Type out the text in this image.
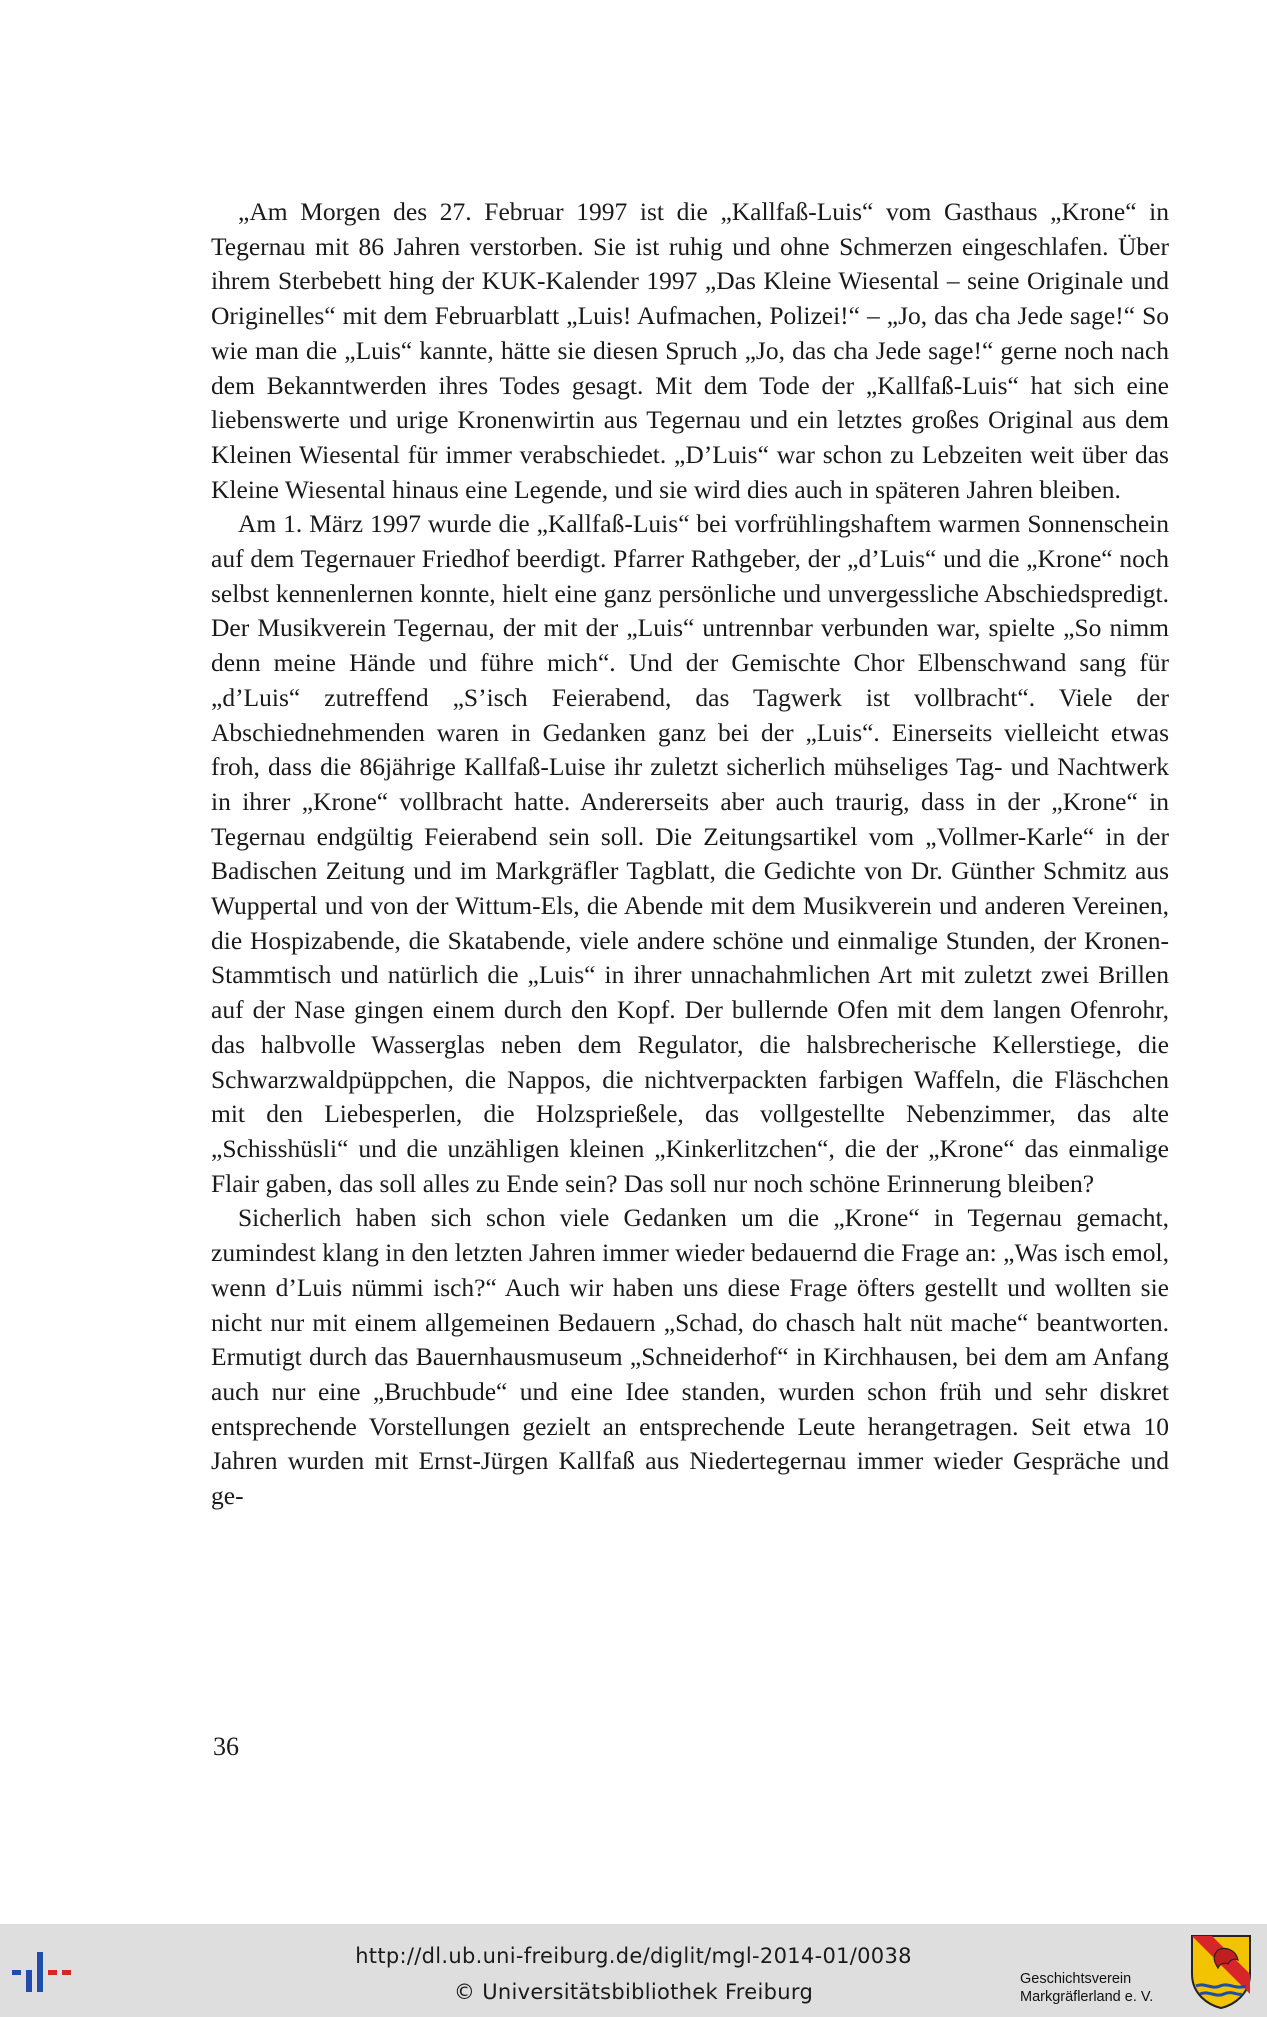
„Am Morgen des 27. Februar 1997 ist die „Kallfaß-Luis“ vom Gasthaus „Krone“ in Tegernau mit 86 Jahren verstorben. Sie ist ruhig und ohne Schmerzen eingeschlafen. Über ihrem Sterbebett hing der KUK-Kalender 1997 „Das Kleine Wiesental – seine Originale und Originelles“ mit dem Februarblatt „Luis! Aufmachen, Polizei!“ – „Jo, das cha Jede sage!“ So wie man die „Luis“ kannte, hätte sie diesen Spruch „Jo, das cha Jede sage!“ gerne noch nach dem Bekanntwerden ihres Todes gesagt. Mit dem Tode der „Kallfaß-Luis“ hat sich eine liebenswerte und urige Kronenwirtin aus Tegernau und ein letztes großes Original aus dem Kleinen Wiesental für immer verabschiedet. „D’Luis“ war schon zu Lebzeiten weit über das Kleine Wiesental hinaus eine Legende, und sie wird dies auch in späteren Jahren bleiben.

Am 1. März 1997 wurde die „Kallfaß-Luis“ bei vorfrühlingshaftem warmen Sonnenschein auf dem Tegernauer Friedhof beerdigt. Pfarrer Rathgeber, der „d’Luis“ und die „Krone“ noch selbst kennenlernen konnte, hielt eine ganz persönliche und unvergessliche Abschiedspredigt. Der Musikverein Tegernau, der mit der „Luis“ untrennbar verbunden war, spielte „So nimm denn meine Hände und führe mich“. Und der Gemischte Chor Elbenschwand sang für „d’Luis“ zutreffend „S’isch Feierabend, das Tagwerk ist vollbracht“. Viele der Abschiednehmenden waren in Gedanken ganz bei der „Luis“. Einerseits vielleicht etwas froh, dass die 86jährige Kallfaß-Luise ihr zuletzt sicherlich mühseliges Tag- und Nachtwerk in ihrer „Krone“ vollbracht hatte. Andererseits aber auch traurig, dass in der „Krone“ in Tegernau endgültig Feierabend sein soll. Die Zeitungsartikel vom „Vollmer-Karle“ in der Badischen Zeitung und im Markgräfler Tagblatt, die Gedichte von Dr. Günther Schmitz aus Wuppertal und von der Wittum-Els, die Abende mit dem Musikverein und anderen Vereinen, die Hospizabende, die Skatabende, viele andere schöne und einmalige Stunden, der Kronen-Stammtisch und natürlich die „Luis“ in ihrer unnachahmlichen Art mit zuletzt zwei Brillen auf der Nase gingen einem durch den Kopf. Der bullernde Ofen mit dem langen Ofenrohr, das halbvolle Wasserglas neben dem Regulator, die halsbrecherische Kellerstiege, die Schwarzwaldpüppchen, die Nappos, die nichtverpackten farbigen Waffeln, die Fläschchen mit den Liebesperlen, die Holzsprießele, das vollgestellte Nebenzimmer, das alte „Schisshüsli“ und die unzähligen kleinen „Kinkerlitzchen“, die der „Krone“ das einmalige Flair gaben, das soll alles zu Ende sein? Das soll nur noch schöne Erinnerung bleiben?

Sicherlich haben sich schon viele Gedanken um die „Krone“ in Tegernau gemacht, zumindest klang in den letzten Jahren immer wieder bedauernd die Frage an: „Was isch emol, wenn d’Luis nümmi isch?“ Auch wir haben uns diese Frage öfters gestellt und wollten sie nicht nur mit einem allgemeinen Bedauern „Schad, do chasch halt nüt mache“ beantworten. Ermutigt durch das Bauernhausmuseum „Schneiderhof“ in Kirchhausen, bei dem am Anfang auch nur eine „Bruchbude“ und eine Idee standen, wurden schon früh und sehr diskret entsprechende Vorstellungen gezielt an entsprechende Leute herangetragen. Seit etwa 10 Jahren wurden mit Ernst-Jürgen Kallfaß aus Niedertegernau immer wieder Gespräche und ge-

36
http://dl.ub.uni-freiburg.de/diglit/mgl-2014-01/0038
© Universitätsbibliothek Freiburg
Geschichtsverein
Markgräflerland e. V.
